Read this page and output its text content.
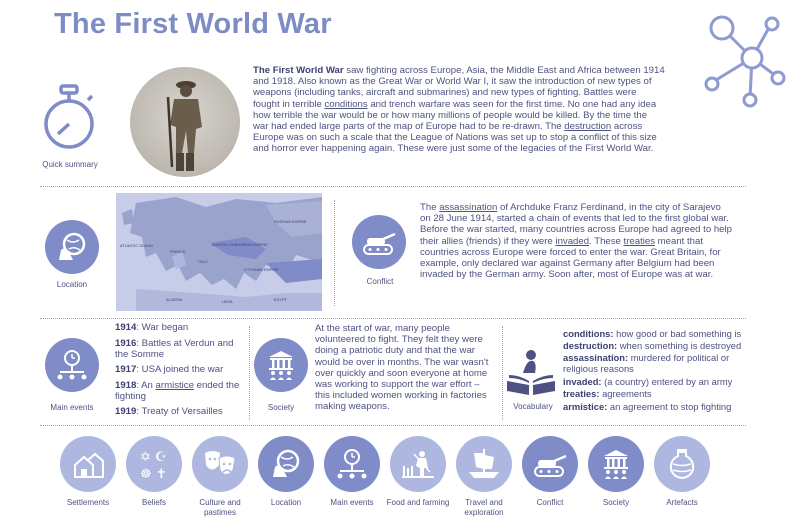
The First World War
Quick summary
The First World War saw fighting across Europe, Asia, the Middle East and Africa between 1914 and 1918. Also known as the Great War or World War I, it saw the introduction of new types of weapons (including tanks, aircraft and submarines) and new types of fighting. Battles were fought in terrible conditions and trench warfare was seen for the first time. No one had any idea how terrible the war would be or how many millions of people would be killed. By the time the war had ended large parts of the map of Europe had to be re-drawn. The destruction across Europe was on such a scale that the League of Nations was set up to stop a conflict of this size and horror ever happening again. These were just some of the legacies of the First World War.
Location
RUSSIAN EMPIRE
ATLANTIC OCEAN
FRANCE
AUSTRO-HUNGARIAN EMPIRE
OTTOMAN EMPIRE
ITALY
ALGERIA	LIBYA	EGYPT
Conflict
The assassination of Archduke Franz Ferdinand, in the city of Sarajevo on 28 June 1914, started a chain of events that led to the first global war. Before the war started, many countries across Europe had agreed to help their allies (friends) if they were invaded. These treaties meant that countries across Europe were forced to enter the war. Great Britain, for example, only declared war against Germany after Belgium had been invaded by the German army. Soon after, most of Europe was at war.
Main events
1914: War began
1916: Battles at Verdun and the Somme
1917: USA joined the war
1918: An armistice ended the fighting
1919: Treaty of Versailles	Society
At the start of war, many people volunteered to fight. They felt they were doing a patriotic duty and that the war would be over in months. The war wasn't over quickly and soon everyone at home was working to support the war effort – this included women working in factories making weapons.	Vocabulary
conditions: how good or bad something is
destruction: when something is destroyed
assassination: murdered for political or religious reasons
invaded: (a country) entered by an army
treaties: agreements
armistice: an agreement to stop fighting
Settlements
✡ ☪
☸ ✝
Beliefs	Culture and pastimes
Location	Main events	Food and farming	Travel and exploration
Conflict	Society	Artefacts
